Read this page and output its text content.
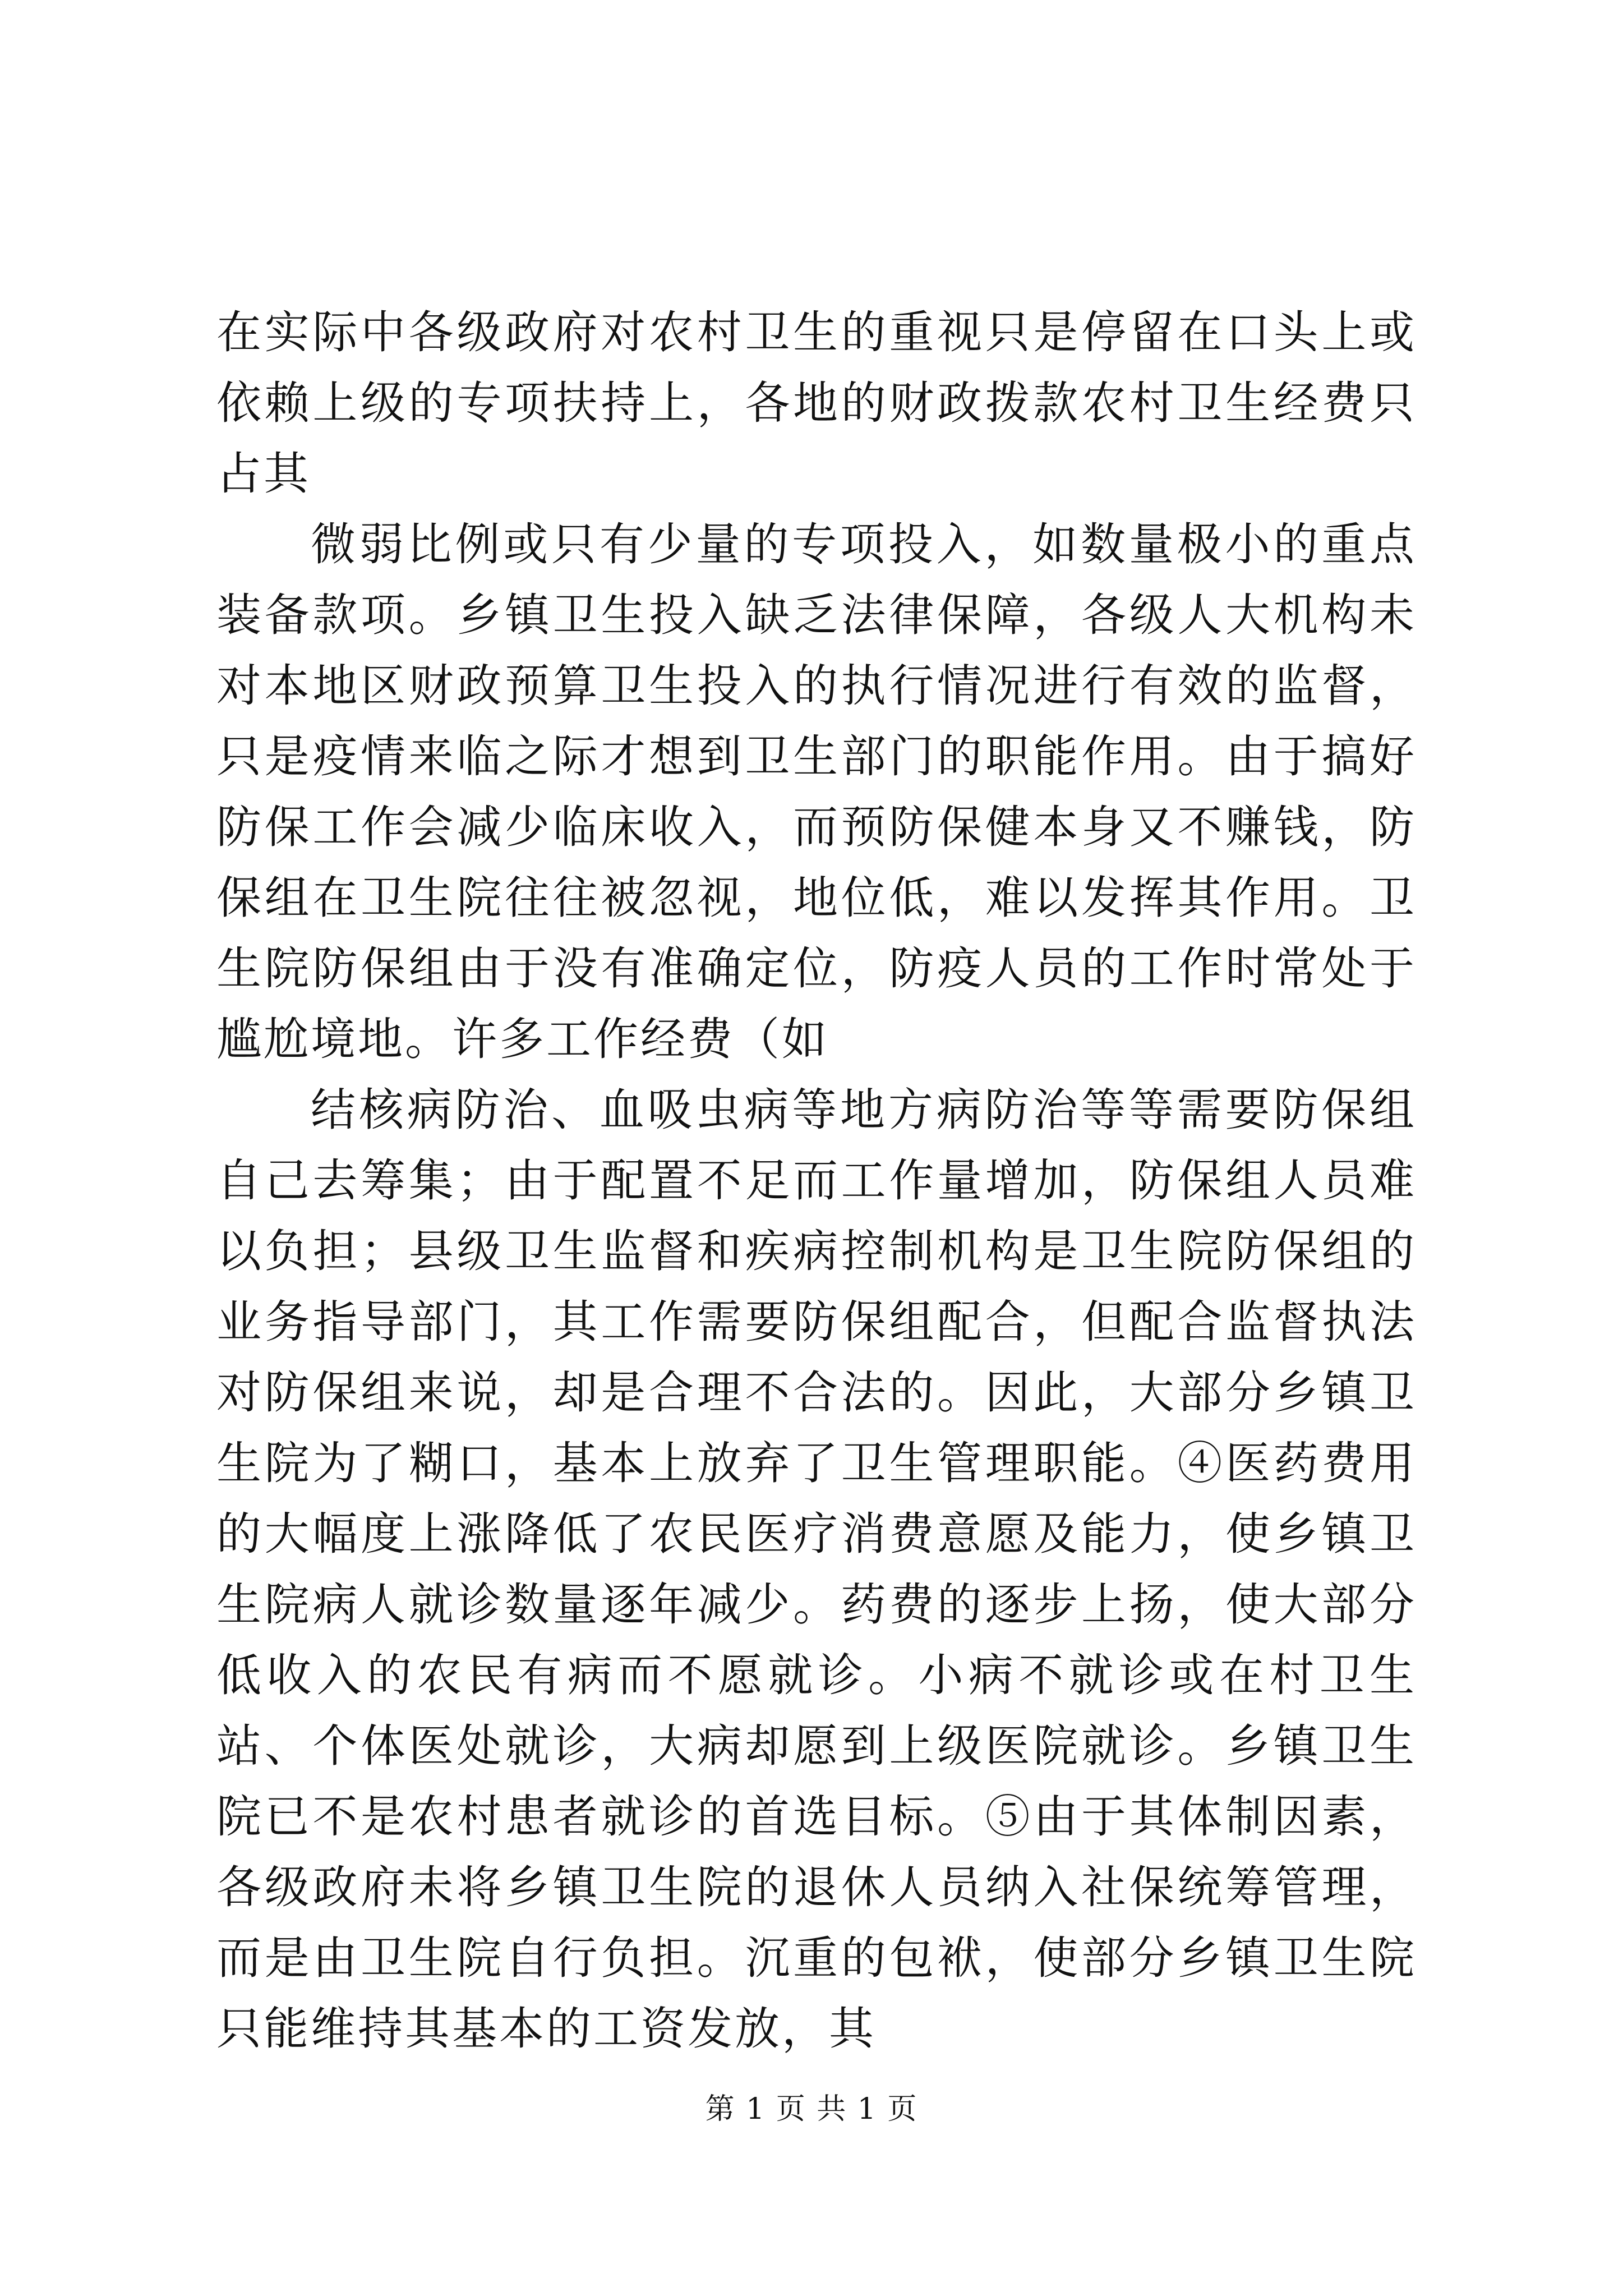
在实际中各级政府对农村卫生的重视只是停留在口头上或依赖上级的专项扶持上，各地的财政拨款农村卫生经费只占其

微弱比例或只有少量的专项投入，如数量极小的重点装备款项。乡镇卫生投入缺乏法律保障，各级人大机构未对本地区财政预算卫生投入的执行情况进行有效的监督，只是疫情来临之际才想到卫生部门的职能作用。由于搞好防保工作会减少临床收入，而预防保健本身又不赚钱，防保组在卫生院往往被忽视，地位低，难以发挥其作用。卫生院防保组由于没有准确定位，防疫人员的工作时常处于尴尬境地。许多工作经费（如

结核病防治、血吸虫病等地方病防治等等需要防保组自己去筹集；由于配置不足而工作量增加，防保组人员难以负担；县级卫生监督和疾病控制机构是卫生院防保组的业务指导部门，其工作需要防保组配合，但配合监督执法对防保组来说，却是合理不合法的。因此，大部分乡镇卫生院为了糊口，基本上放弃了卫生管理职能。④医药费用的大幅度上涨降低了农民医疗消费意愿及能力，使乡镇卫生院病人就诊数量逐年减少。药费的逐步上扬，使大部分低收入的农民有病而不愿就诊。小病不就诊或在村卫生站、个体医处就诊，大病却愿到上级医院就诊。乡镇卫生院已不是农村患者就诊的首选目标。⑤由于其体制因素，各级政府未将乡镇卫生院的退休人员纳入社保统筹管理，而是由卫生院自行负担。沉重的包袱，使部分乡镇卫生院只能维持其基本的工资发放，其

第 1 页 共 1 页
